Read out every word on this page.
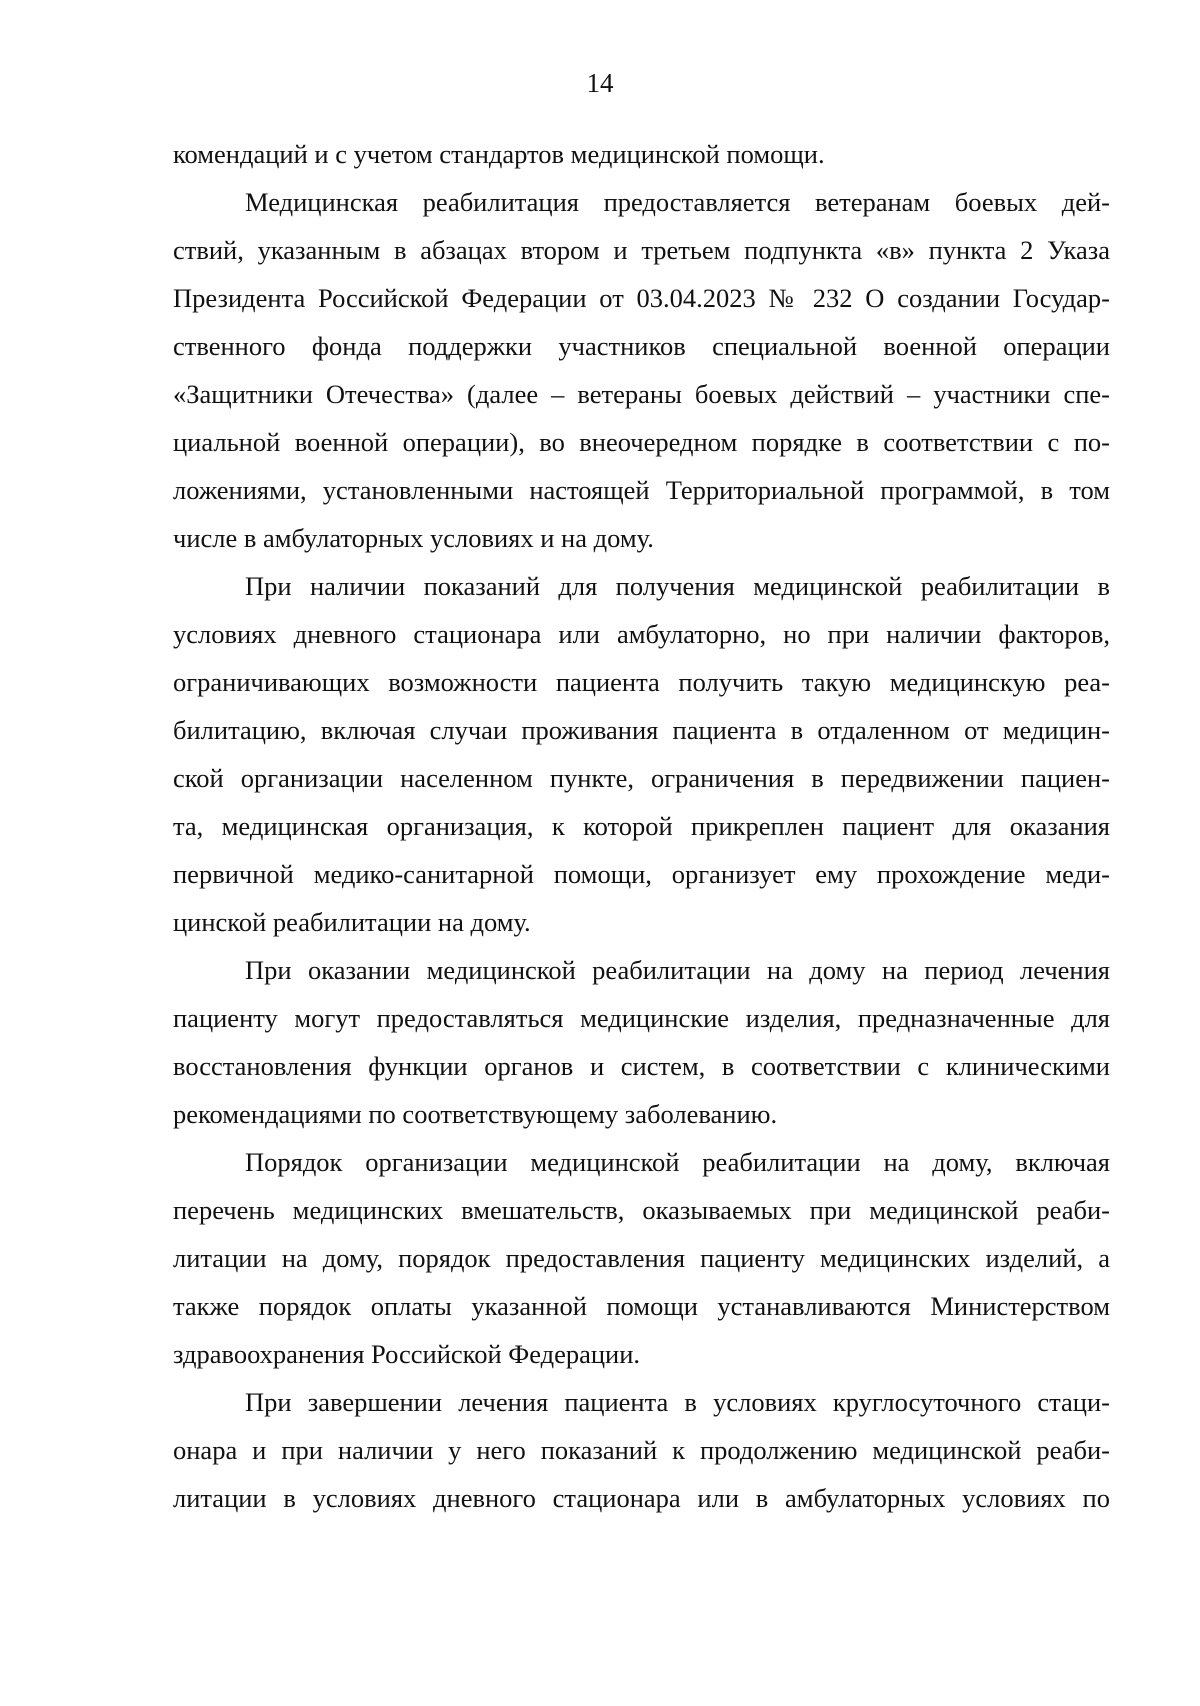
14
комендаций и с учетом стандартов медицинской помощи.
Медицинская реабилитация предоставляется ветеранам боевых дей-
ствий, указанным в абзацах втором и третьем подпункта «в» пункта 2 Указа
Президента Российской Федерации от 03.04.2023 № 232 О создании Государ-
ственного фонда поддержки участников специальной военной операции
«Защитники Отечества» (далее – ветераны боевых действий – участники спе-
циальной военной операции), во внеочередном порядке в соответствии с по-
ложениями, установленными настоящей Территориальной программой, в том
числе в амбулаторных условиях и на дому.
При наличии показаний для получения медицинской реабилитации в
условиях дневного стационара или амбулаторно, но при наличии факторов,
ограничивающих возможности пациента получить такую медицинскую реа-
билитацию, включая случаи проживания пациента в отдаленном от медицин-
ской организации населенном пункте, ограничения в передвижении пациен-
та, медицинская организация, к которой прикреплен пациент для оказания
первичной медико-санитарной помощи, организует ему прохождение меди-
цинской реабилитации на дому.
При оказании медицинской реабилитации на дому на период лечения
пациенту могут предоставляться медицинские изделия, предназначенные для
восстановления функции органов и систем, в соответствии с клиническими
рекомендациями по соответствующему заболеванию.
Порядок организации медицинской реабилитации на дому, включая
перечень медицинских вмешательств, оказываемых при медицинской реаби-
литации на дому, порядок предоставления пациенту медицинских изделий, а
также порядок оплаты указанной помощи устанавливаются Министерством
здравоохранения Российской Федерации.
При завершении лечения пациента в условиях круглосуточного стаци-
онара и при наличии у него показаний к продолжению медицинской реаби-
литации в условиях дневного стационара или в амбулаторных условиях по
